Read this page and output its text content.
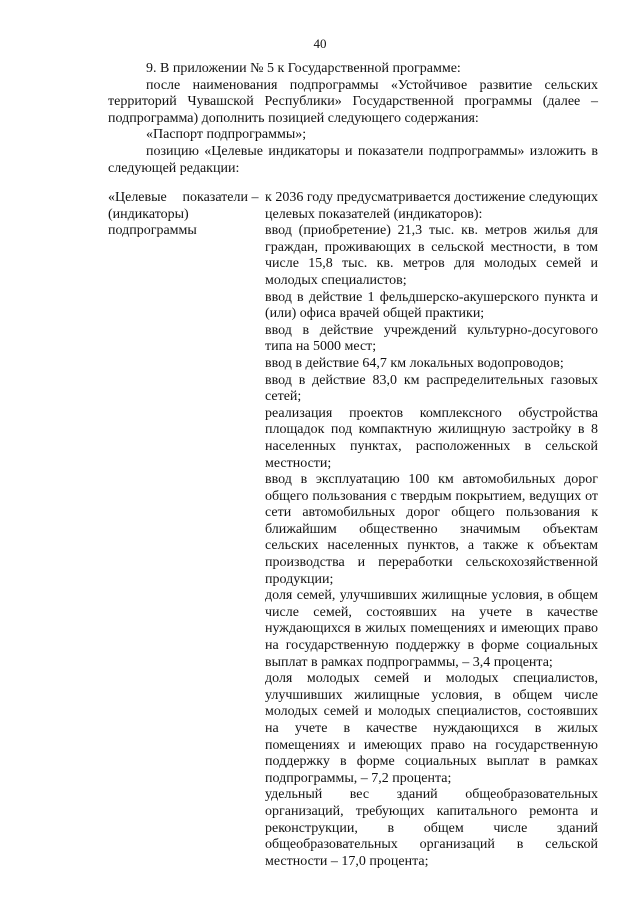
40

9. В приложении № 5 к Государственной программе:

после наименования подпрограммы «Устойчивое развитие сельских территорий Чувашской Республики» Государственной программы (далее – подпрограмма) дополнить позицией следующего содержания:

«Паспорт подпрограммы»;

позицию «Целевые индикаторы и показатели подпрограммы» изложить в следующей редакции:

«Целевые показатели (индикаторы) подпрограммы
– к 2036 году предусматривается достижение следующих целевых показателей (индикаторов):

ввод (приобретение) 21,3 тыс. кв. метров жилья для граждан, проживающих в сельской местности, в том числе 15,8 тыс. кв. метров для молодых семей и молодых специалистов;

ввод в действие 1 фельдшерско-акушерского пункта и (или) офиса врачей общей практики;

ввод в действие учреждений культурно-досугового типа на 5000 мест;

ввод в действие 64,7 км локальных водопроводов;

ввод в действие 83,0 км распределительных газовых сетей;

реализация проектов комплексного обустройства площадок под компактную жилищную застройку в 8 населенных пунктах, расположенных в сельской местности;

ввод в эксплуатацию 100 км автомобильных дорог общего пользования с твердым покрытием, ведущих от сети автомобильных дорог общего пользования к ближайшим общественно значимым объектам сельских населенных пунктов, а также к объектам производства и переработки сельскохозяйственной продукции;

доля семей, улучшивших жилищные условия, в общем числе семей, состоявших на учете в качестве нуждающихся в жилых помещениях и имеющих право на государственную поддержку в форме социальных выплат в рамках подпрограммы, – 3,4 процента;

доля молодых семей и молодых специалистов, улучшивших жилищные условия, в общем числе молодых семей и молодых специалистов, состоявших на учете в качестве нуждающихся в жилых помещениях и имеющих право на государственную поддержку в форме социальных выплат в рамках подпрограммы, – 7,2 процента;

удельный вес зданий общеобразовательных организаций, требующих капитального ремонта и реконструкции, в общем числе зданий общеобразовательных организаций в сельской местности – 17,0 процента;
